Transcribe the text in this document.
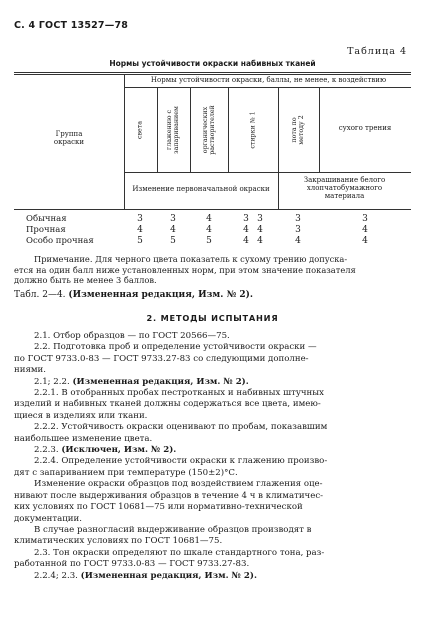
С. 4 ГОСТ 13527—78
Таблица 4
Нормы устойчивости окраски набивных тканей
Нормы устойчивости окраски, баллы, не менее, к воздействию
Группа
окраски
света	глажению с запариванием	органических растворителей	стирки № 1	пота по методу 2	сухого трения
Изменение первоначальной окраски
Закрашивание белого
хлопчатобумажного
материала
Обычная	3	3	4	3 3	3	3
Прочная	4	4	4	4 4	3	4
Особо прочная	5	5	5	4 4	4	4

Примечание. Для черного цвета показатель к сухому трению допуска-

ется на один балл ниже установленных норм, при этом значение показателя

должно быть не менее 3 баллов.

Табл. 2—4. (Измененная редакция, Изм. № 2).
2. МЕТОДЫ ИСПЫТАНИЯ

2.1. Отбор образцов — по ГОСТ 20566—75.

2.2. Подготовка проб и определение устойчивости окраски —

по ГОСТ 9733.0-83 — ГОСТ 9733.27-83 со следующими дополне-

ниями.

2.1; 2.2. (Измененная редакция, Изм. № 2).

2.2.1. В отобранных пробах пестротканых и набивных штучных

изделий и набивных тканей должны содержаться все цвета, имею-

щиеся в изделиях или ткани.

2.2.2. Устойчивость окраски оценивают по пробам, показавшим

наибольшее изменение цвета.

2.2.3. (Исключен, Изм. № 2).

2.2.4. Определение устойчивости окраски к глажению произво-

дят с запариванием при температуре (150±2)°С.

Изменение окраски образцов под воздействием глажения оце-

нивают после выдерживания образцов в течение 4 ч в климатичес-

ких условиях по ГОСТ 10681—75 или нормативно-технической

документации.

В случае разногласий выдерживание образцов производят в

климатических условиях по ГОСТ 10681—75.

2.3. Тон окраски определяют по шкале стандартного тона, раз-

работанной по ГОСТ 9733.0-83 — ГОСТ 9733.27-83.

2.2.4; 2.3. (Измененная редакция, Изм. № 2).
